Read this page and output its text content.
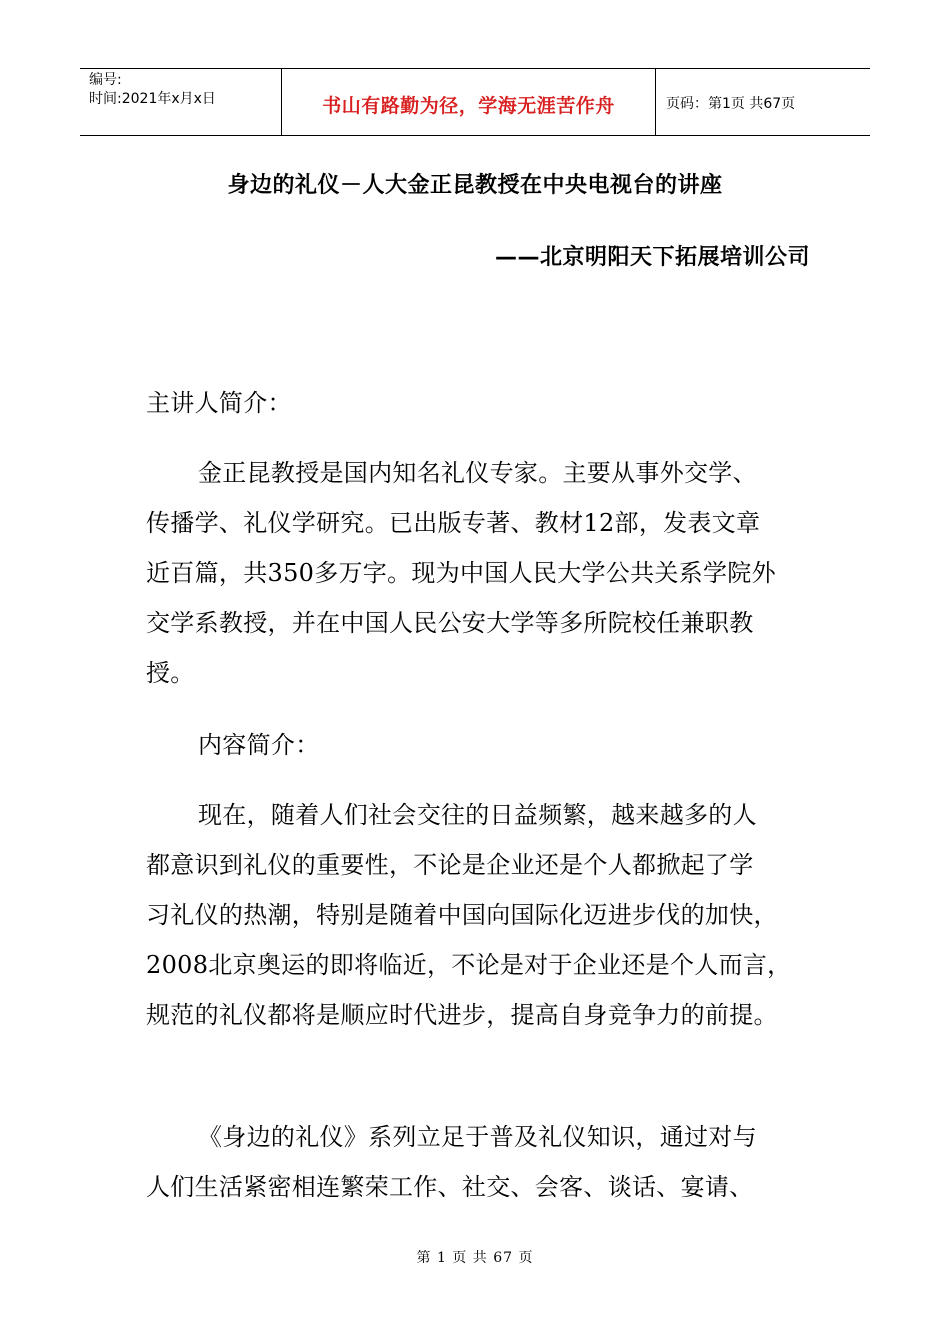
编号:
时间:2021年x月x日	书山有路勤为径，学海无涯苦作舟	页码：第1页 共67页
身边的礼仪－人大金正昆教授在中央电视台的讲座
——北京明阳天下拓展培训公司

主讲人简介：

金正昆教授是国内知名礼仪专家。主要从事外交学、

传播学、礼仪学研究。已出版专著、教材12部，发表文章

近百篇，共350多万字。现为中国人民大学公共关系学院外

交学系教授，并在中国人民公安大学等多所院校任兼职教

授。

内容简介：

现在，随着人们社会交往的日益频繁，越来越多的人

都意识到礼仪的重要性，不论是企业还是个人都掀起了学

习礼仪的热潮，特别是随着中国向国际化迈进步伐的加快，

2008北京奥运的即将临近，不论是对于企业还是个人而言，

规范的礼仪都将是顺应时代进步，提高自身竞争力的前提。

《身边的礼仪》系列立足于普及礼仪知识，通过对与

人们生活紧密相连繁荣工作、社交、会客、谈话、宴请、

第 1 页 共 67 页
